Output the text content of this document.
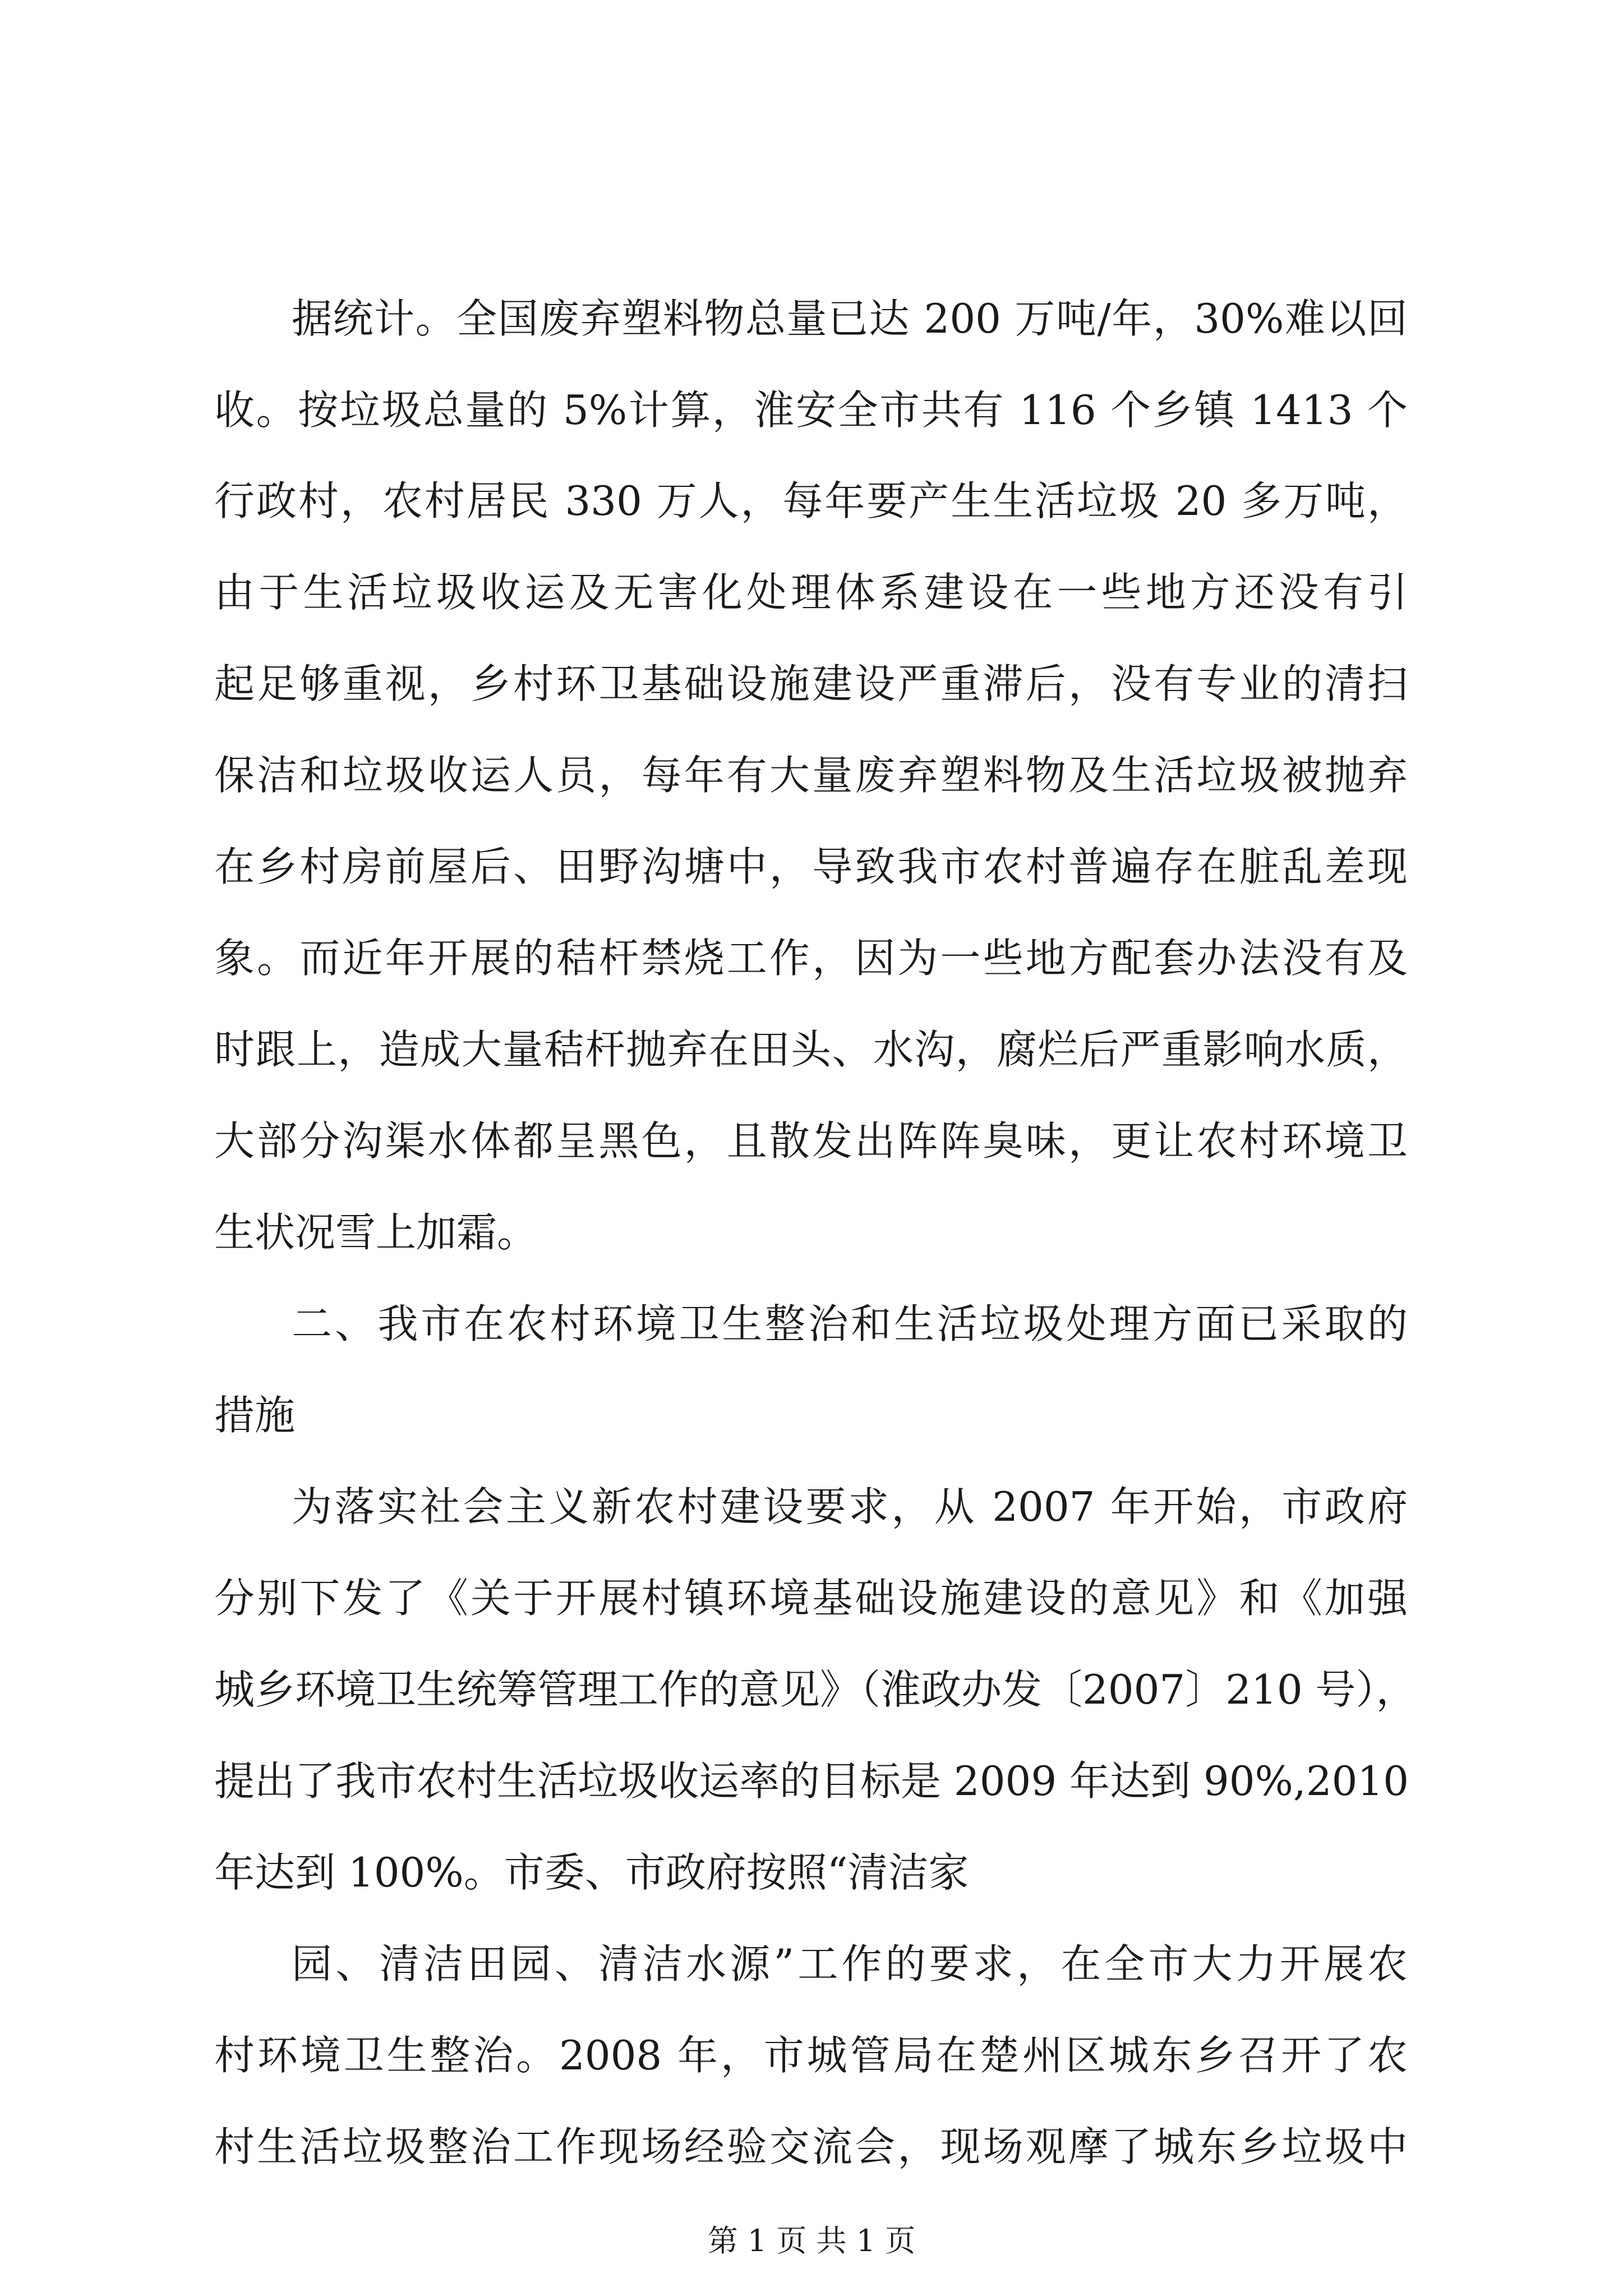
据统计。全国废弃塑料物总量已达 200 万吨/年，30%难以回
收。按垃圾总量的 5%计算，淮安全市共有 116 个乡镇 1413 个
行政村，农村居民 330 万人，每年要产生生活垃圾 20 多万吨，
由于生活垃圾收运及无害化处理体系建设在一些地方还没有引
起足够重视，乡村环卫基础设施建设严重滞后，没有专业的清扫
保洁和垃圾收运人员，每年有大量废弃塑料物及生活垃圾被抛弃
在乡村房前屋后、田野沟塘中，导致我市农村普遍存在脏乱差现
象。而近年开展的秸杆禁烧工作，因为一些地方配套办法没有及
时跟上，造成大量秸杆抛弃在田头、水沟，腐烂后严重影响水质，
大部分沟渠水体都呈黑色，且散发出阵阵臭味，更让农村环境卫
生状况雪上加霜。
二、我市在农村环境卫生整治和生活垃圾处理方面已采取的
措施
为落实社会主义新农村建设要求，从 2007 年开始，市政府
分别下发了《关于开展村镇环境基础设施建设的意见》和《加强
城乡环境卫生统筹管理工作的意见》（淮政办发〔2007〕210 号），
提出了我市农村生活垃圾收运率的目标是 2009 年达到 90%,2010
年达到 100%。市委、市政府按照“清洁家
园、清洁田园、清洁水源”工作的要求，在全市大力开展农
村环境卫生整治。2008 年，市城管局在楚州区城东乡召开了农
村生活垃圾整治工作现场经验交流会，现场观摩了城东乡垃圾中
第 1 页 共 1 页
